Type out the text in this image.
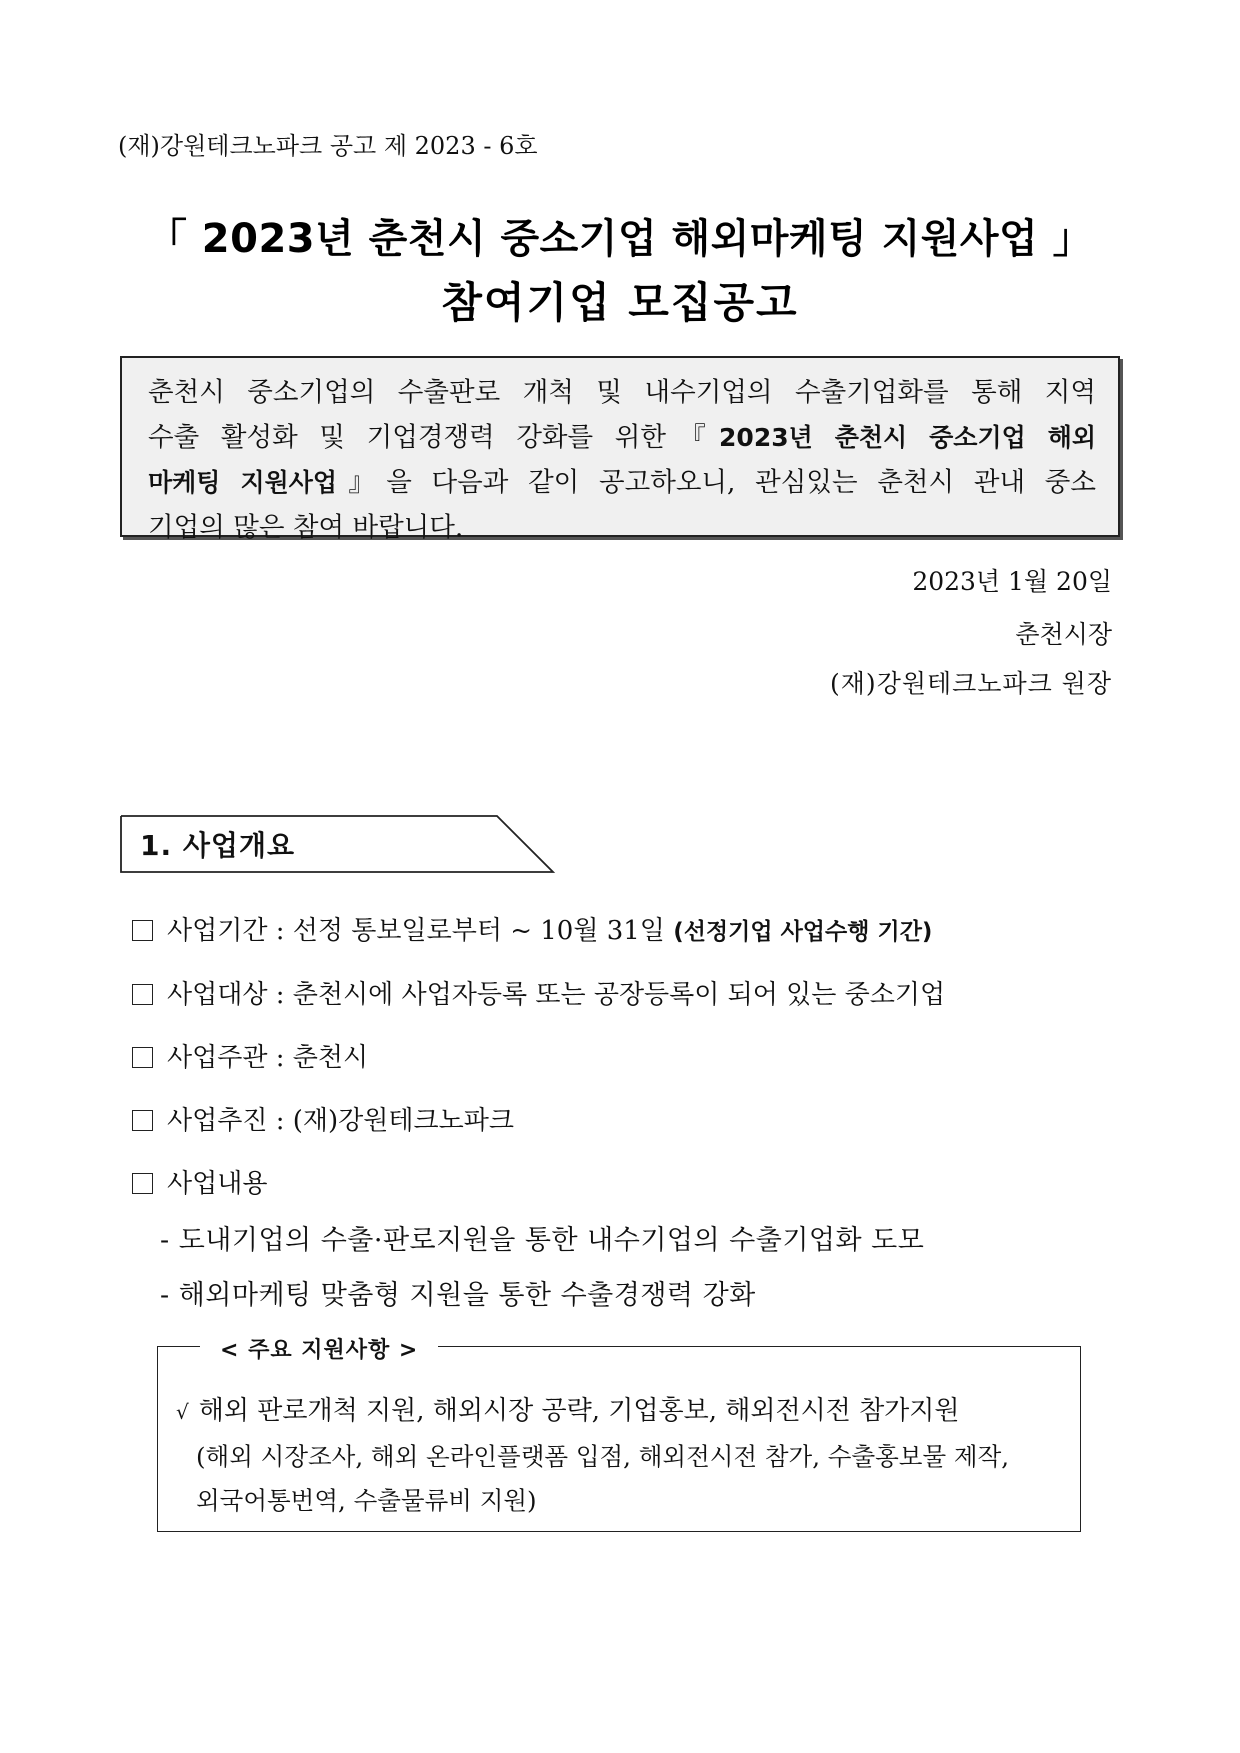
(재)강원테크노파크 공고 제 2023 - 6호
「 2023년 춘천시 중소기업 해외마케팅 지원사업 」
참여기업 모집공고
춘천시 중소기업의 수출판로 개척 및 내수기업의 수출기업화를 통해 지역
수출 활성화 및 기업경쟁력 강화를 위한『2023년 춘천시 중소기업 해외
마케팅 지원사업』을 다음과 같이 공고하오니, 관심있는 춘천시 관내 중소
기업의 많은 참여 바랍니다.
2023년 1월 20일
춘천시장
(재)강원테크노파크 원장
1. 사업개요
사업기간 : 선정 통보일로부터 ~ 10월 31일 (선정기업 사업수행 기간)
사업대상 : 춘천시에 사업자등록 또는 공장등록이 되어 있는 중소기업
사업주관 : 춘천시
사업추진 : (재)강원테크노파크
사업내용
- 도내기업의 수출·판로지원을 통한 내수기업의 수출기업화 도모
- 해외마케팅 맞춤형 지원을 통한 수출경쟁력 강화
< 주요 지원사항 >
√ 해외 판로개척 지원, 해외시장 공략, 기업홍보, 해외전시전 참가지원
(해외 시장조사, 해외 온라인플랫폼 입점, 해외전시전 참가, 수출홍보물 제작,
외국어통번역, 수출물류비 지원)
